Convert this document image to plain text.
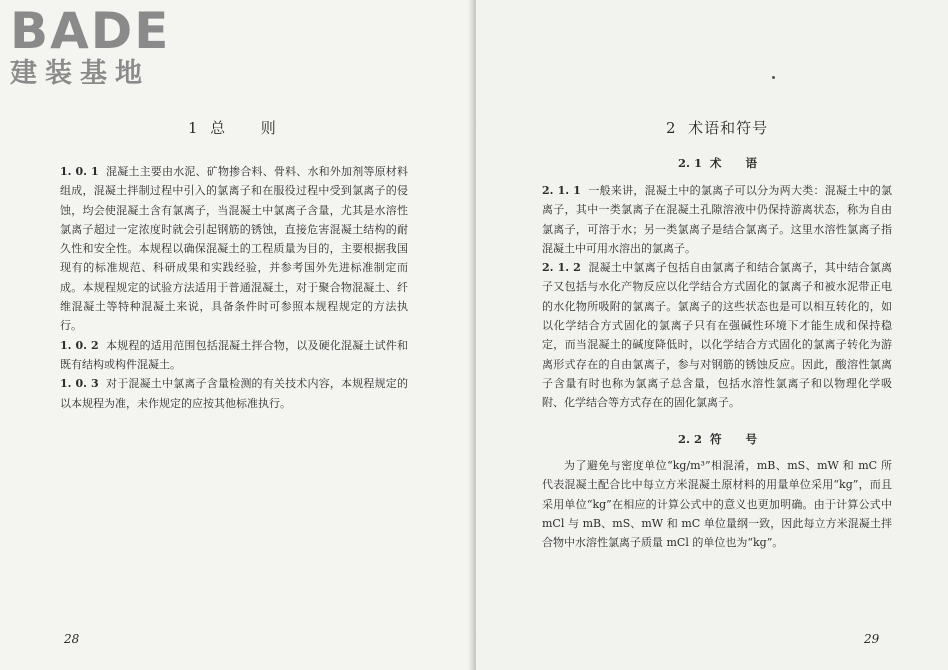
BADE
建装基地
1  总      则

1. 0. 1 混凝土主要由水泥、矿物掺合料、骨料、水和外加剂等原材料组成，混凝土拌制过程中引入的氯离子和在服役过程中受到氯离子的侵蚀，均会使混凝土含有氯离子，当混凝土中氯离子含量，尤其是水溶性氯离子超过一定浓度时就会引起钢筋的锈蚀，直接危害混凝土结构的耐久性和安全性。本规程以确保混凝土的工程质量为目的，主要根据我国现有的标准规范、科研成果和实践经验，并参考国外先进标准制定而成。本规程规定的试验方法适用于普通混凝土，对于聚合物混凝土、纤维混凝土等特种混凝土来说，具备条件时可参照本规程规定的方法执行。

1. 0. 2 本规程的适用范围包括混凝土拌合物，以及硬化混凝土试件和既有结构或构件混凝土。

1. 0. 3 对于混凝土中氯离子含量检测的有关技术内容，本规程规定的以本规程为准，未作规定的应按其他标准执行。

28
2  术语和符号
2. 1  术      语

2. 1. 1 一般来讲，混凝土中的氯离子可以分为两大类：混凝土中的氯离子，其中一类氯离子在混凝土孔隙溶液中仍保持游离状态，称为自由氯离子，可溶于水；另一类氯离子是结合氯离子。这里水溶性氯离子指混凝土中可用水溶出的氯离子。

2. 1. 2 混凝土中氯离子包括自由氯离子和结合氯离子，其中结合氯离子又包括与水化产物反应以化学结合方式固化的氯离子和被水泥带正电的水化物所吸附的氯离子。氯离子的这些状态也是可以相互转化的，如以化学结合方式固化的氯离子只有在强碱性环境下才能生成和保持稳定，而当混凝土的碱度降低时，以化学结合方式固化的氯离子转化为游离形式存在的自由氯离子，参与对钢筋的锈蚀反应。因此，酸溶性氯离子含量有时也称为氯离子总含量，包括水溶性氯离子和以物理化学吸附、化学结合等方式存在的固化氯离子。

2. 2  符      号

为了避免与密度单位“kg/m³”相混淆，mB、mS、mW 和 mC 所代表混凝土配合比中每立方米混凝土原材料的用量单位采用“kg”，而且采用单位“kg”在相应的计算公式中的意义也更加明确。由于计算公式中 mCl 与 mB、mS、mW 和 mC 单位量纲一致，因此每立方米混凝土拌合物中水溶性氯离子质量 mCl 的单位也为“kg”。

29
